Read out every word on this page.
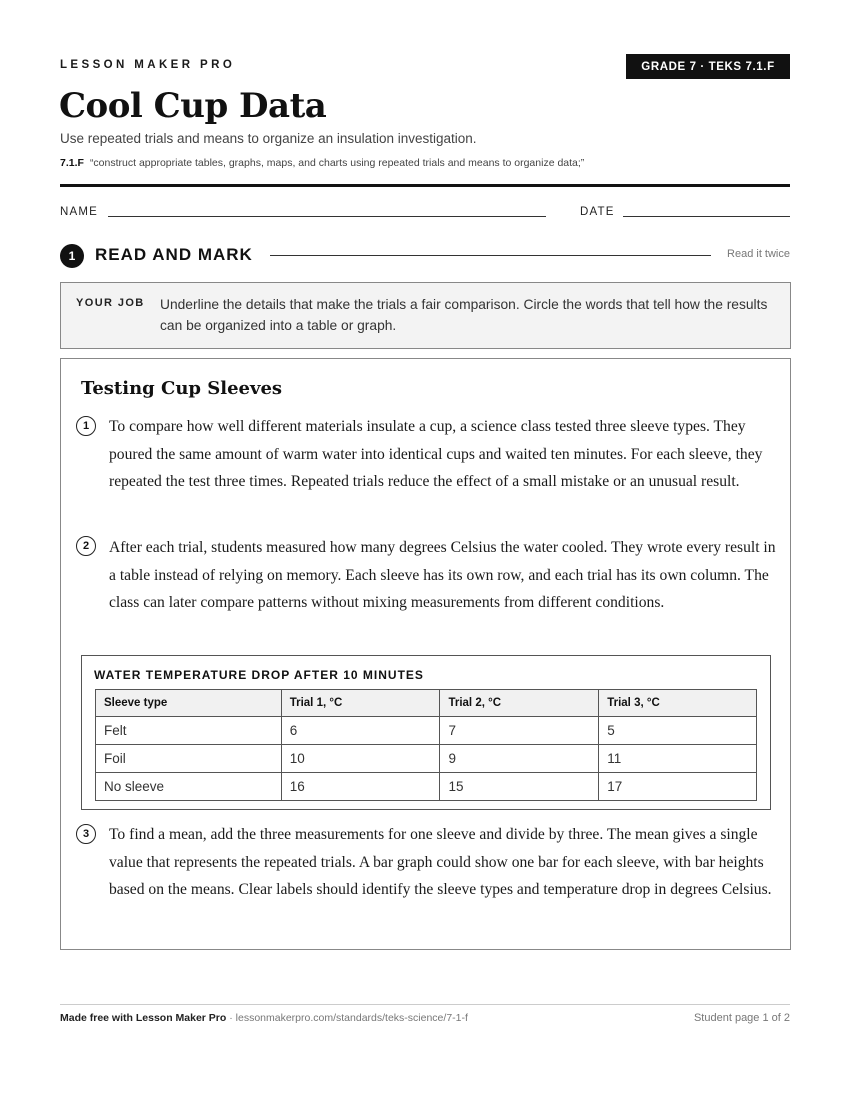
LESSON MAKER PRO	GRADE 7 · TEKS 7.1.F
Cool Cup Data
Use repeated trials and means to organize an insulation investigation.
7.1.F “construct appropriate tables, graphs, maps, and charts using repeated trials and means to organize data;”
NAME	DATE
1	READ AND MARK	Read it twice
YOUR JOB Underline the details that make the trials a fair comparison. Circle the words that tell how the results can be organized into a table or graph.
Testing Cup Sleeves
1	To compare how well different materials insulate a cup, a science class tested three sleeve types. They poured the same amount of warm water into identical cups and waited ten minutes. For each sleeve, they repeated the test three times. Repeated trials reduce the effect of a small mistake or an unusual result.
2	After each trial, students measured how many degrees Celsius the water cooled. They wrote every result in a table instead of relying on memory. Each sleeve has its own row, and each trial has its own column. The class can later compare patterns without mixing measurements from different conditions.
WATER TEMPERATURE DROP AFTER 10 MINUTES
Sleeve type	Trial 1, °C	Trial 2, °C	Trial 3, °C
Felt	6	7	5
Foil	10	9	11
No sleeve	16	15	17
3	To find a mean, add the three measurements for one sleeve and divide by three. The mean gives a single value that represents the repeated trials. A bar graph could show one bar for each sleeve, with bar heights based on the means. Clear labels should identify the sleeve types and temperature drop in degrees Celsius.
Made free with Lesson Maker Pro · lessonmakerpro.com/standards/teks-science/7-1-f	Student page 1 of 2
